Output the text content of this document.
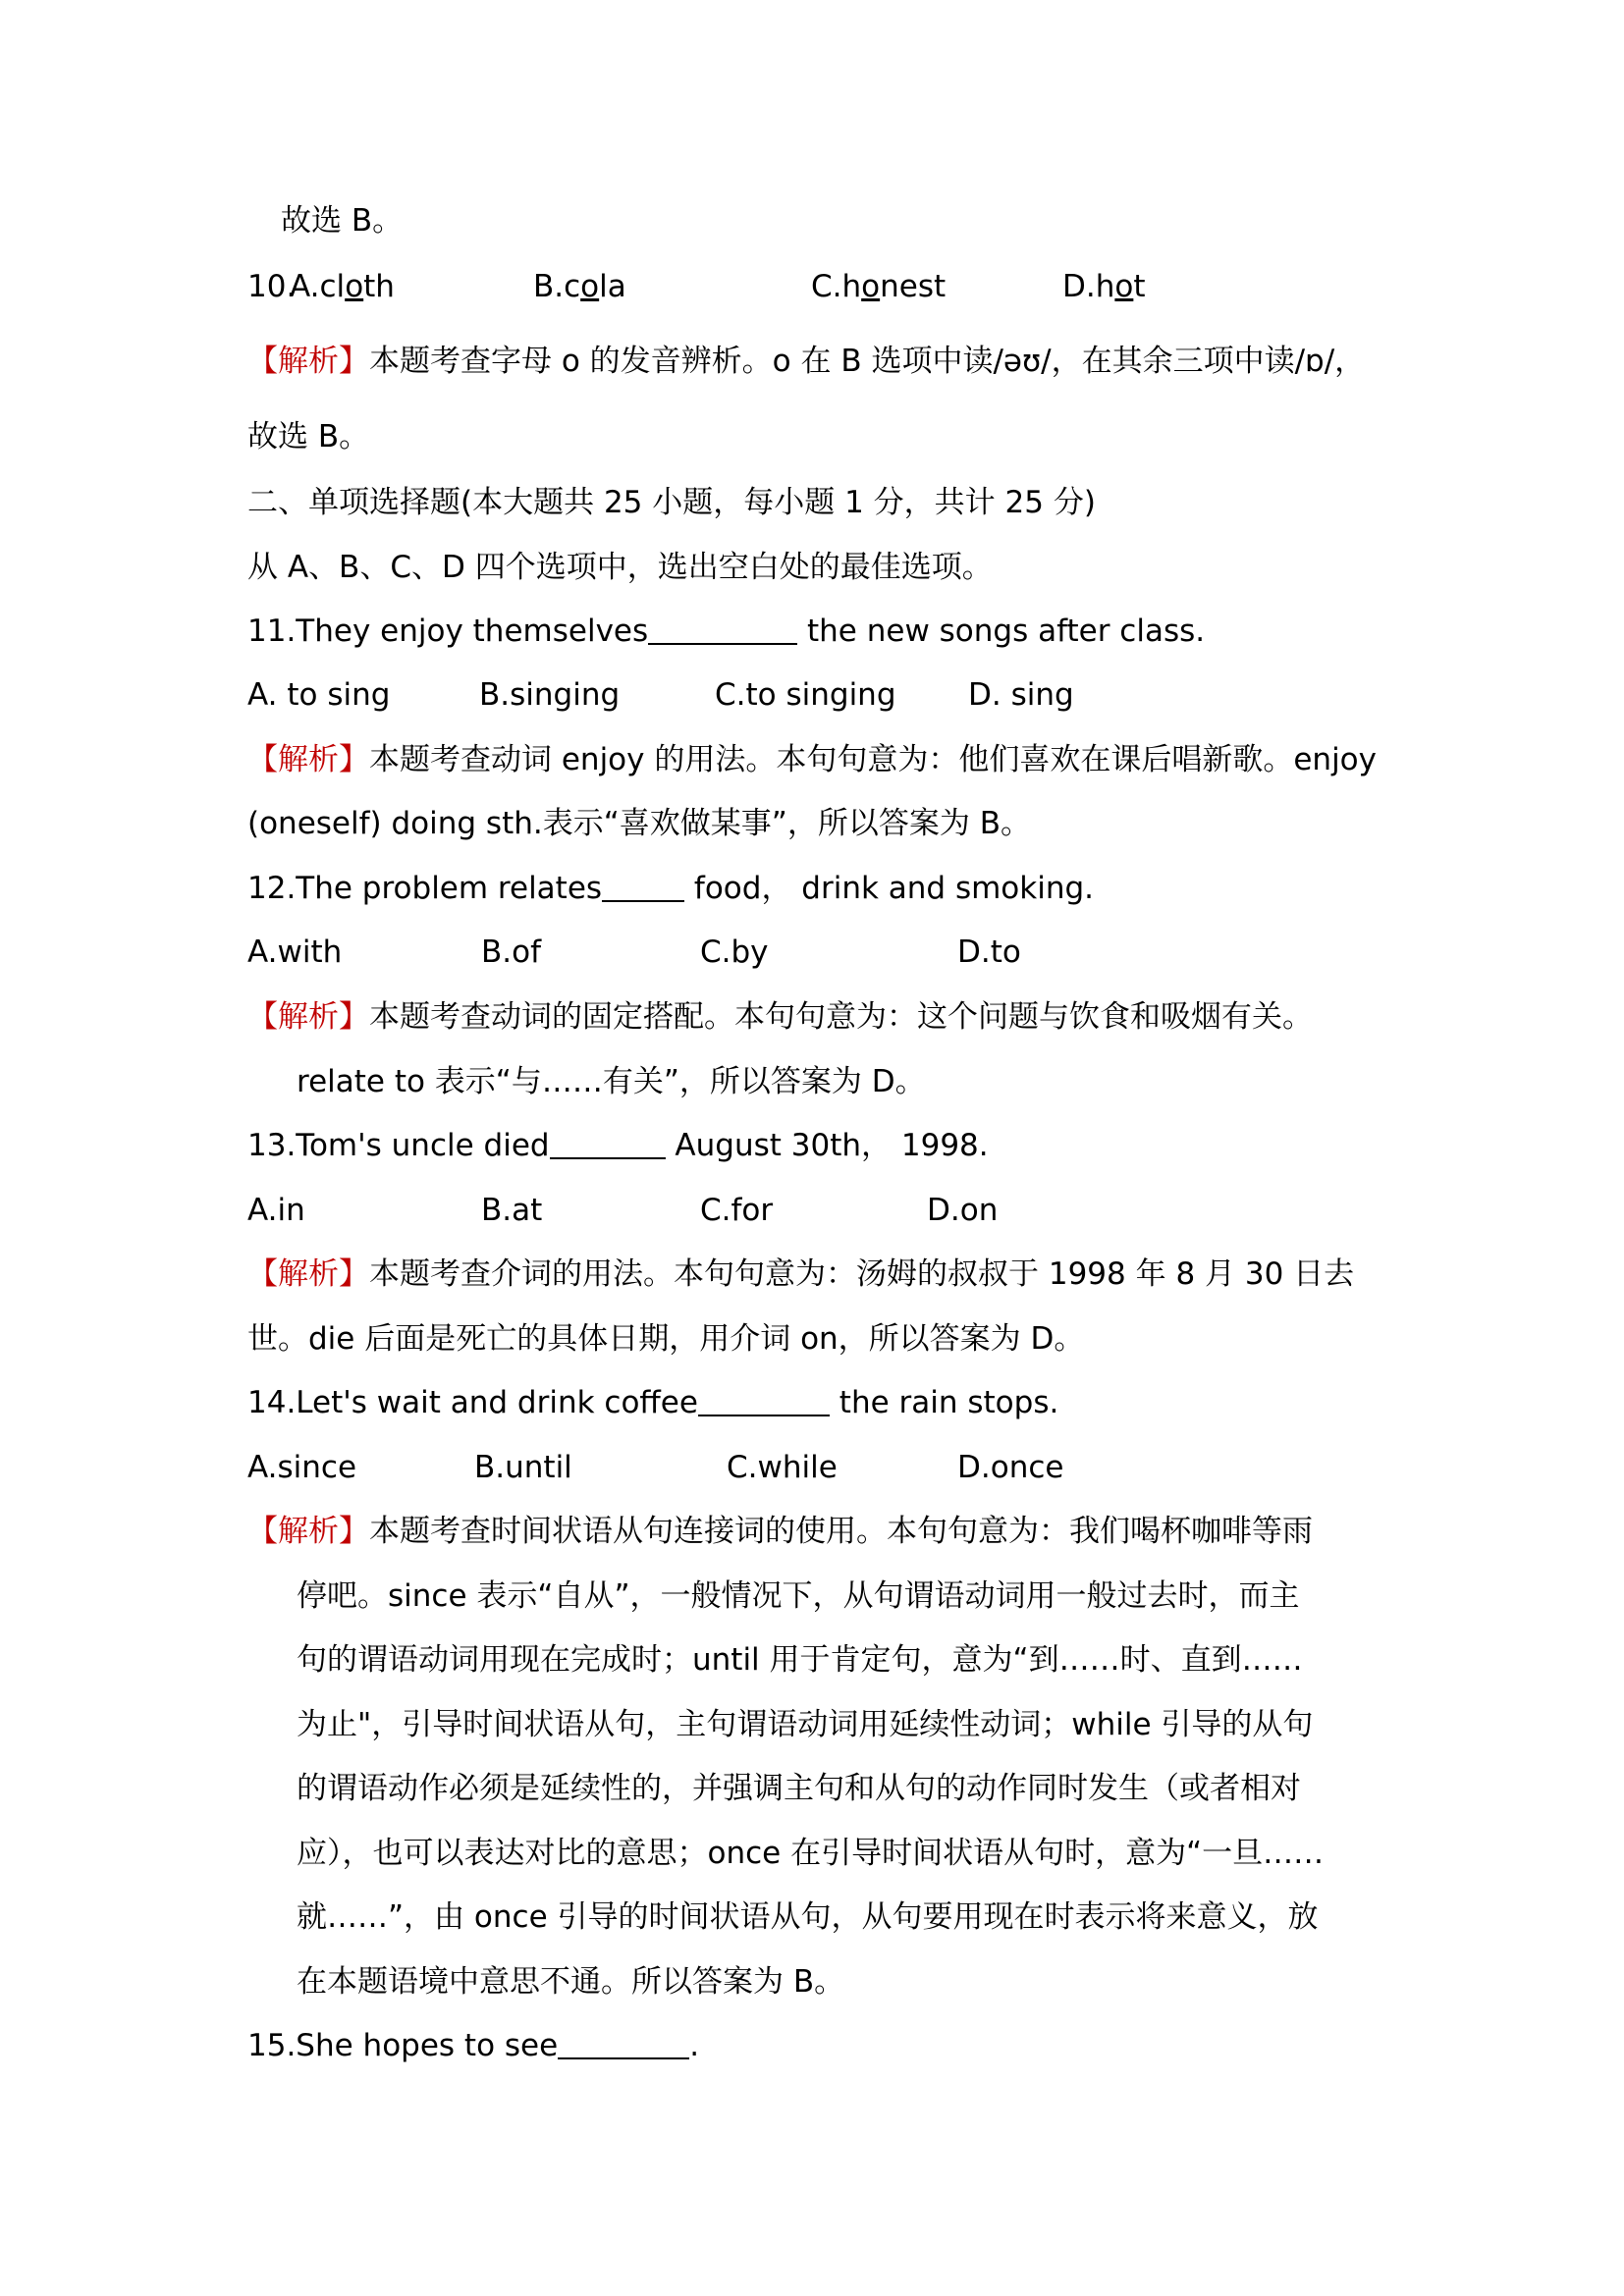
故选 B。
10.
A.cloth	B.cola	C.honest	D.hot
【解析】本题考查字母 o 的发音辨析。o 在 B 选项中读/əʊ/，在其余三项中读/ɒ/，
故选 B。
二、单项选择题(本大题共 25 小题，每小题 1 分，共计 25 分)
从 A、B、C、D 四个选项中，选出空白处的最佳选项。
11.They enjoy themselves	the new songs after class.
A. to sing	B.singing	C.to singing D. sing
【解析】本题考查动词 enjoy 的用法。本句句意为：他们喜欢在课后唱新歌。enjoy
(oneself) doing sth.表示“喜欢做某事”，所以答案为 B。
12.The problem relates	food， drink and smoking.
A.with	B.of	C.by	D.to
【解析】本题考查动词的固定搭配。本句句意为：这个问题与饮食和吸烟有关。
relate to 表示“与……有关”，所以答案为 D。
13.Tom's uncle died	August 30th， 1998.
A.in	B.at	C.for	D.on
【解析】本题考查介词的用法。本句句意为：汤姆的叔叔于 1998 年 8 月 30 日去
世。die 后面是死亡的具体日期，用介词 on，所以答案为 D。
14.Let's wait and drink coffee	the rain stops.
A.since	B.until	C.while	D.once
【解析】本题考查时间状语从句连接词的使用。本句句意为：我们喝杯咖啡等雨
停吧。since 表示“自从”，一般情况下，从句谓语动词用一般过去时，而主
句的谓语动词用现在完成时；until 用于肯定句，意为“到……时、直到……
为止"，引导时间状语从句，主句谓语动词用延续性动词；while 引导的从句
的谓语动作必须是延续性的，并强调主句和从句的动作同时发生（或者相对
应），也可以表达对比的意思；once 在引导时间状语从句时，意为“一旦……
就……”，由 once 引导的时间状语从句，从句要用现在时表示将来意义，放
在本题语境中意思不通。所以答案为 B。
15.She hopes to see	.
